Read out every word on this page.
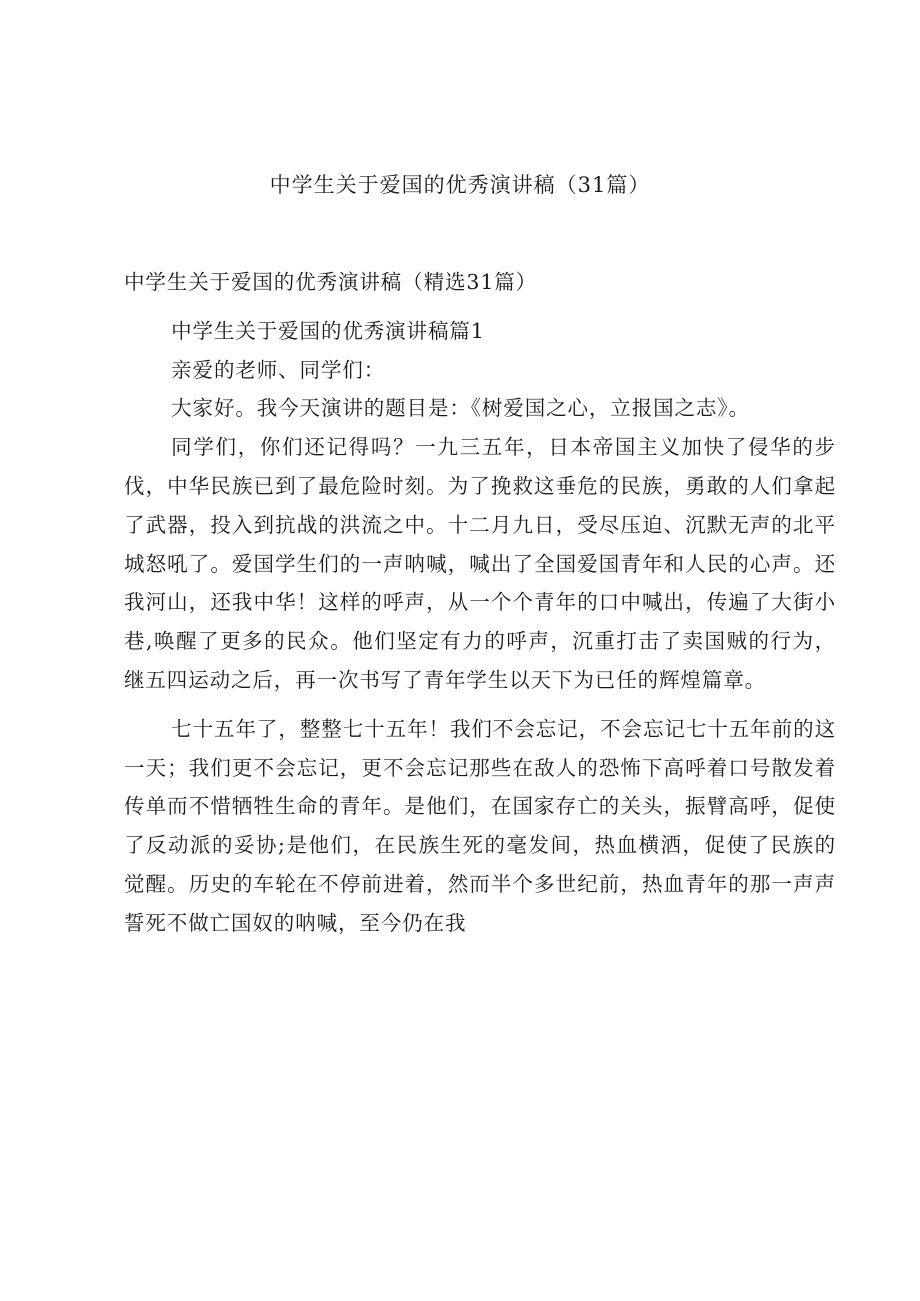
中学生关于爱国的优秀演讲稿（31篇）

中学生关于爱国的优秀演讲稿（精选31篇）

中学生关于爱国的优秀演讲稿篇1

亲爱的老师、同学们：

大家好。我今天演讲的题目是：《树爱国之心，立报国之志》。

同学们，你们还记得吗？一九三五年，日本帝国主义加快了侵华的步伐，中华民族已到了最危险时刻。为了挽救这垂危的民族，勇敢的人们拿起了武器，投入到抗战的洪流之中。十二月九日，受尽压迫、沉默无声的北平城怒吼了。爱国学生们的一声呐喊，喊出了全国爱国青年和人民的心声。还我河山，还我中华！这样的呼声，从一个个青年的口中喊出，传遍了大街小巷,唤醒了更多的民众。他们坚定有力的呼声，沉重打击了卖国贼的行为，继五四运动之后，再一次书写了青年学生以天下为已任的辉煌篇章。

七十五年了，整整七十五年！我们不会忘记，不会忘记七十五年前的这一天；我们更不会忘记，更不会忘记那些在敌人的恐怖下高呼着口号散发着传单而不惜牺牲生命的青年。是他们，在国家存亡的关头，振臂高呼，促使了反动派的妥协;是他们，在民族生死的毫发间，热血横洒，促使了民族的觉醒。历史的车轮在不停前进着，然而半个多世纪前，热血青年的那一声声誓死不做亡国奴的呐喊，至今仍在我
